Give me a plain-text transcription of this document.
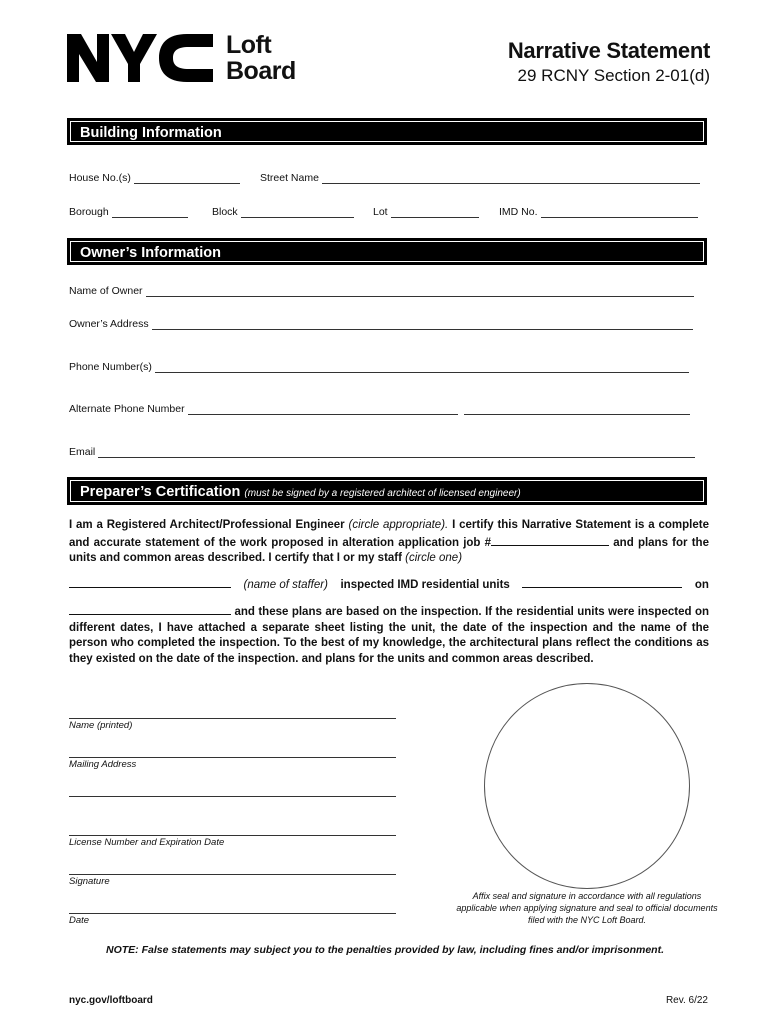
Loft
Board
Narrative Statement
29 RCNY Section 2-01(d)
Building Information
House No.(s)	Street Name
Borough	Block	Lot	IMD No.
Owner’s Information
Name of Owner
Owner’s Address
Phone Number(s)
Alternate Phone Number
Email
Preparer’s Certification (must be signed by a registered architect of licensed engineer)
I am a Registered Architect/Professional Engineer (circle appropriate). I certify this Narrative Statement is a complete and accurate statement of the work proposed in alteration application job #	and plans for the units and common areas described. I certify that I or my staff (circle one)
(name of staffer) inspected IMD residential units	on
and these plans are based on the inspection. If the residential units were inspected on different dates, I have attached a separate sheet listing the unit, the date of the inspection and the name of the person who completed the inspection. To the best of my knowledge, the architectural plans reflect the conditions as they existed on the date of the inspection. and plans for the units and common areas described.
Name (printed)
Mailing Address
License Number and Expiration Date
Signature
Date
Affix seal and signature in accordance with all regulations applicable when applying signature and seal to official documents filed with the NYC Loft Board.
NOTE: False statements may subject you to the penalties provided by law, including fines and/or imprisonment.
nyc.gov/loftboard	Rev. 6/22
